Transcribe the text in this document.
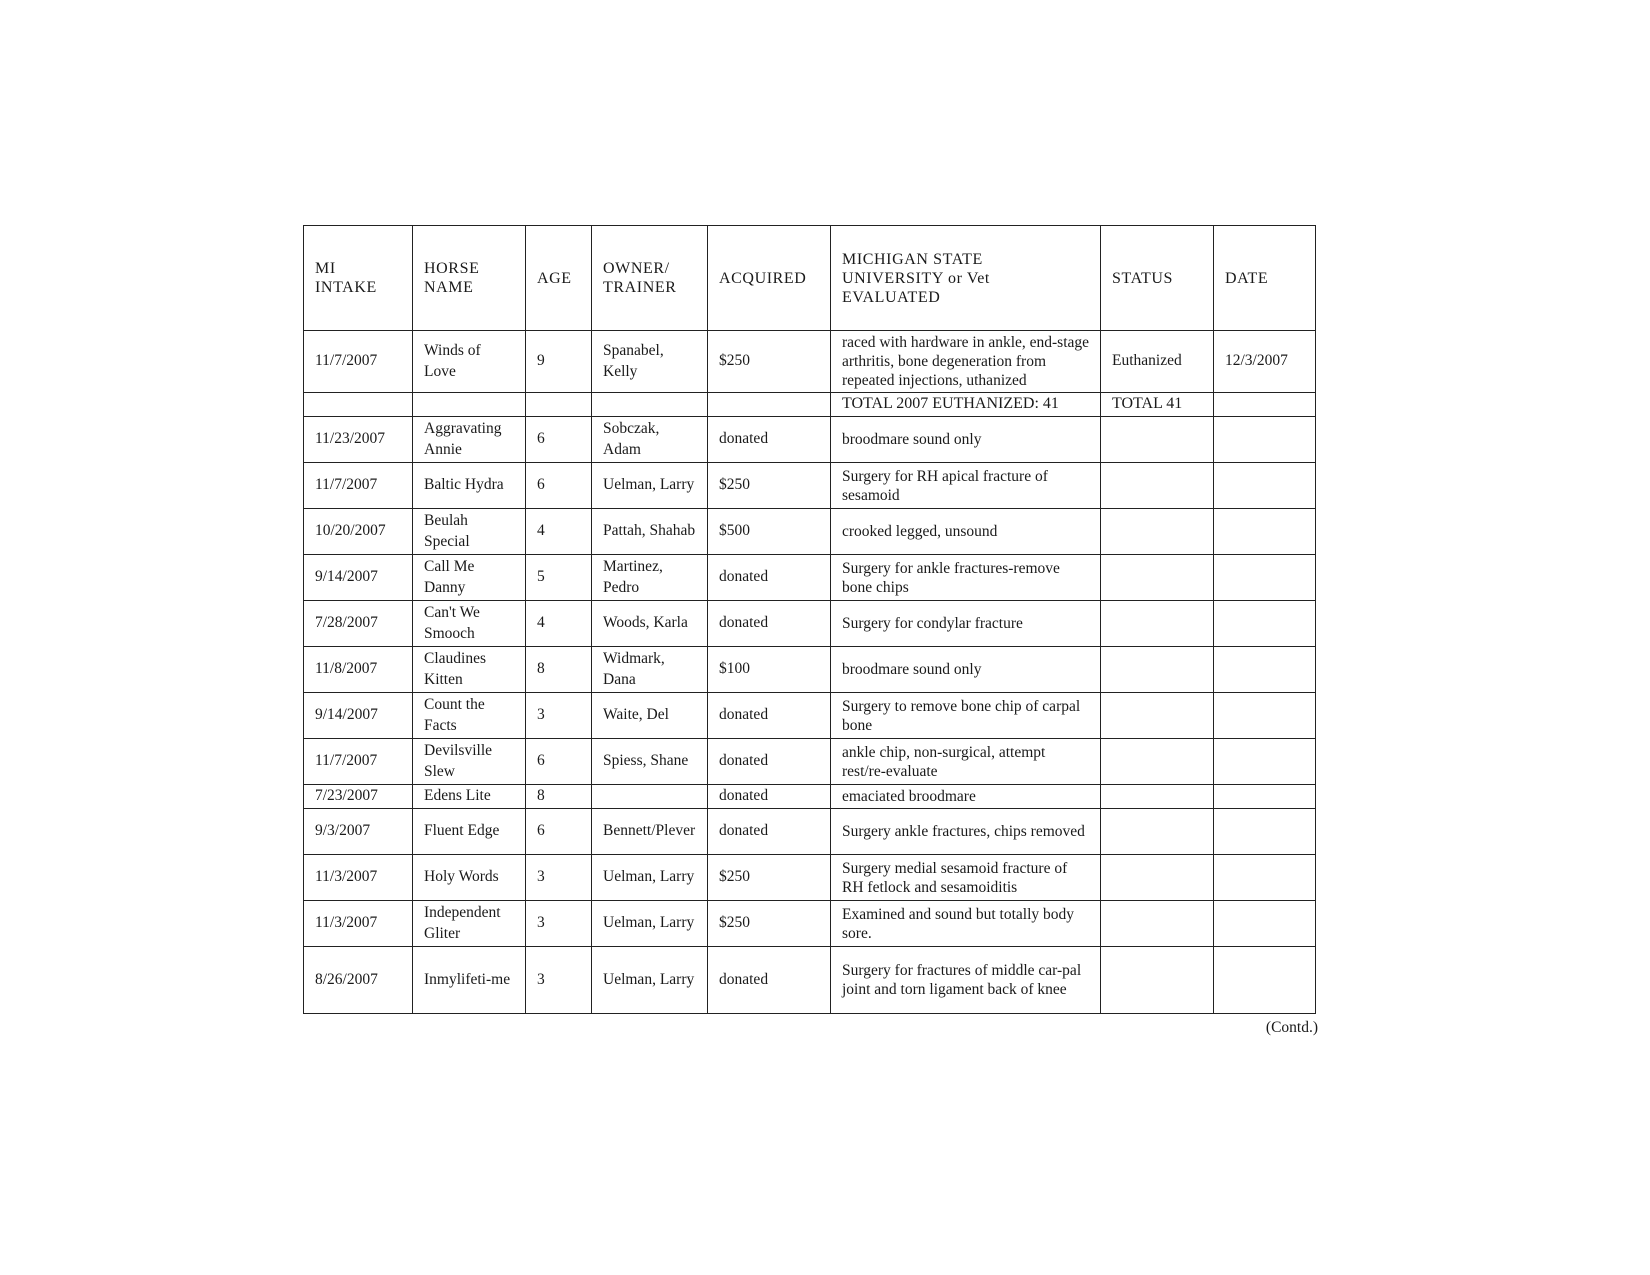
MI INTAKE	HORSE NAME	AGE	OWNER/ TRAINER	ACQUIRED	MICHIGAN STATE UNIVERSITY or Vet EVALUATED	STATUS	DATE
11/7/2007	Winds of Love	9	Spanabel, Kelly	$250	raced with hardware in ankle, end-stage arthritis, bone degeneration from repeated injections, uthanized	Euthanized	12/3/2007
					TOTAL 2007 EUTHANIZED: 41	TOTAL 41	
11/23/2007	Aggravating Annie	6	Sobczak, Adam	donated	broodmare sound only		
11/7/2007	Baltic Hydra	6	Uelman, Larry	$250	Surgery for RH apical fracture of sesamoid		
10/20/2007	Beulah Special	4	Pattah, Shahab	$500	crooked legged, unsound		
9/14/2007	Call Me Danny	5	Martinez, Pedro	donated	Surgery for ankle fractures-remove bone chips		
7/28/2007	Can't We Smooch	4	Woods, Karla	donated	Surgery for condylar fracture		
11/8/2007	Claudines Kitten	8	Widmark, Dana	$100	broodmare sound only		
9/14/2007	Count the Facts	3	Waite, Del	donated	Surgery to remove bone chip of carpal bone		
11/7/2007	Devilsville Slew	6	Spiess, Shane	donated	ankle chip, non-surgical, attempt rest/re-evaluate		
7/23/2007	Edens Lite	8		donated	emaciated broodmare		
9/3/2007	Fluent Edge	6	Bennett/Plever	donated	Surgery ankle fractures, chips removed		
11/3/2007	Holy Words	3	Uelman, Larry	$250	Surgery medial sesamoid fracture of RH fetlock and sesamoiditis		
11/3/2007	Independent Gliter	3	Uelman, Larry	$250	Examined and sound but totally body sore.		
8/26/2007	Inmylifeti-me	3	Uelman, Larry	donated	Surgery for fractures of middle car-pal joint and torn ligament back of knee		
(Contd.)
